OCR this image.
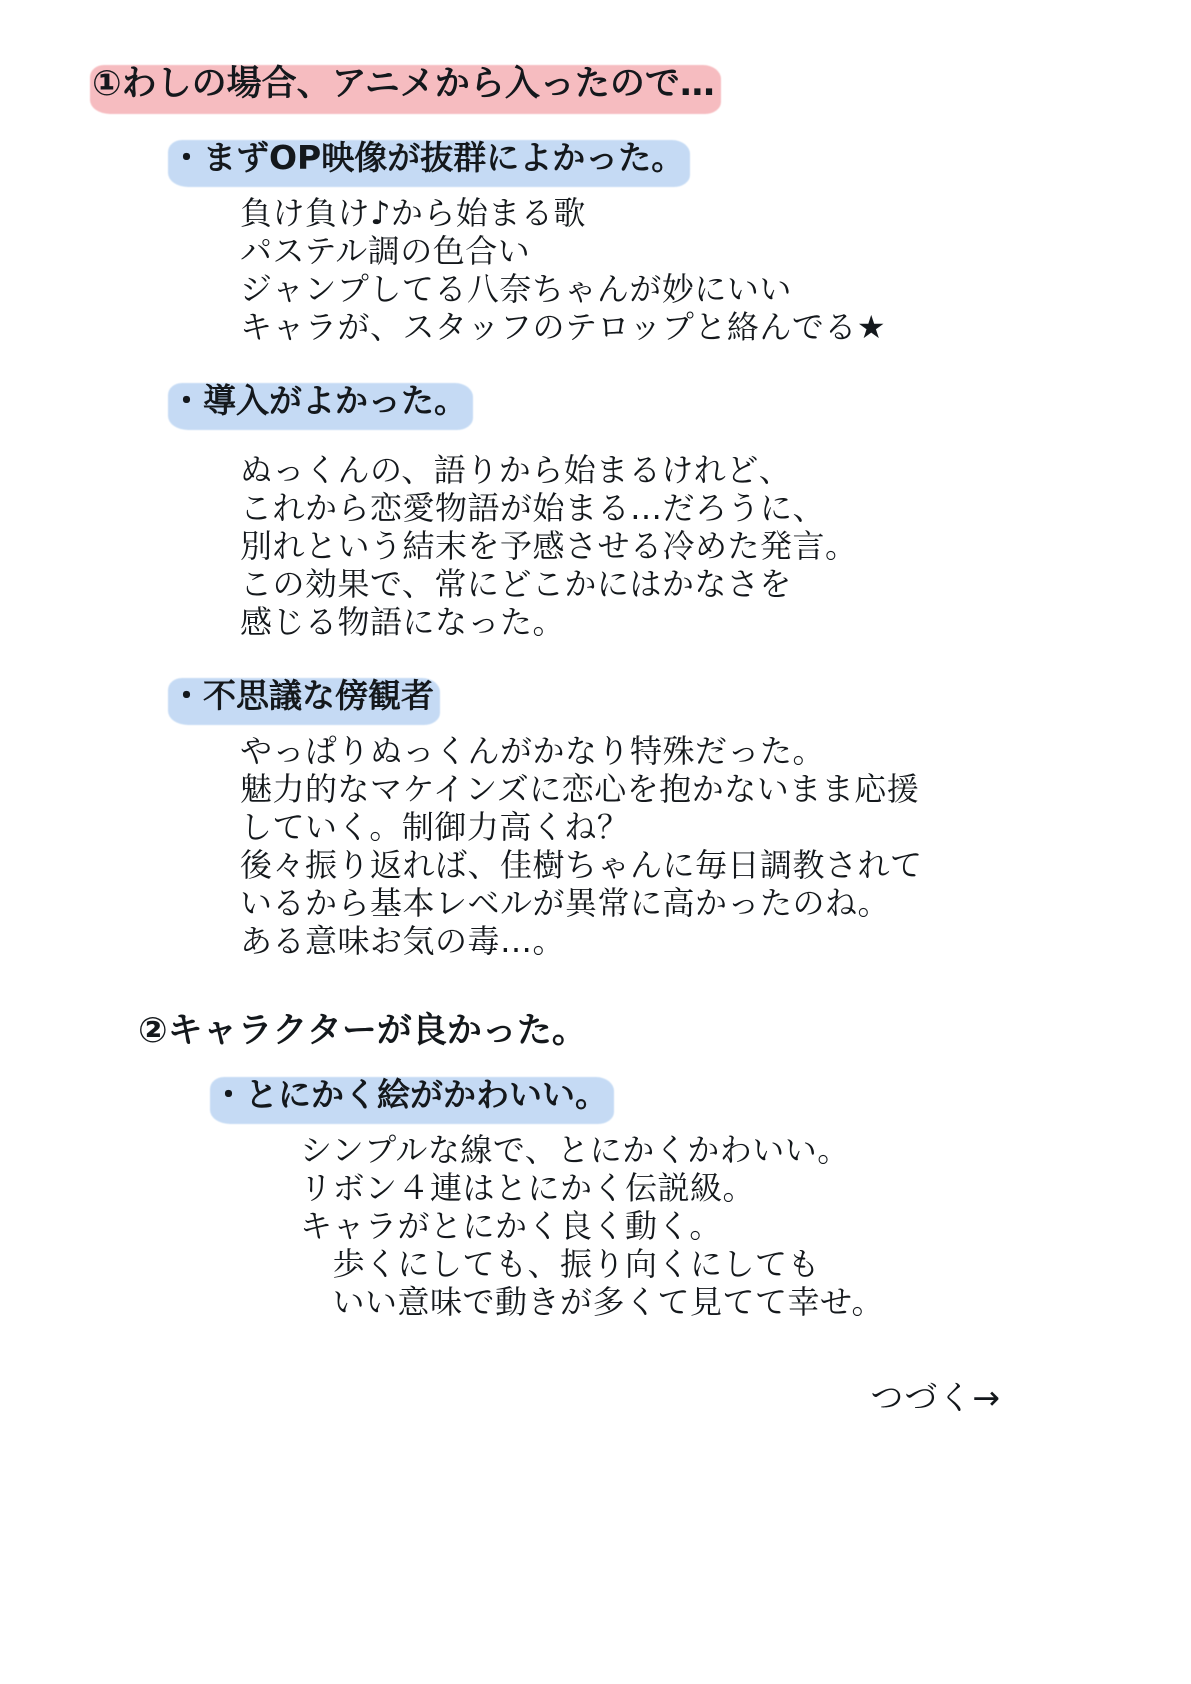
①わしの場合、アニメから入ったので…
・まずOP映像が抜群によかった。
負け負け♪から始まる歌
パステル調の色合い
ジャンプしてる八奈ちゃんが妙にいい
キャラが、スタッフのテロップと絡んでる★
・導入がよかった。
ぬっくんの、語りから始まるけれど、
これから恋愛物語が始まる…だろうに、
別れという結末を予感させる冷めた発言。
この効果で、常にどこかにはかなさを
感じる物語になった。
・不思議な傍観者
やっぱりぬっくんがかなり特殊だった。
魅力的なマケインズに恋心を抱かないまま応援
していく。制御力高くね？
後々振り返れば、佳樹ちゃんに毎日調教されて
いるから基本レベルが異常に高かったのね。
ある意味お気の毒…。
②キャラクターが良かった。
・とにかく絵がかわいい。
シンプルな線で、とにかくかわいい。
リボン４連はとにかく伝説級。
キャラがとにかく良く動く。
　歩くにしても、振り向くにしても
　いい意味で動きが多くて見てて幸せ。
つづく→
